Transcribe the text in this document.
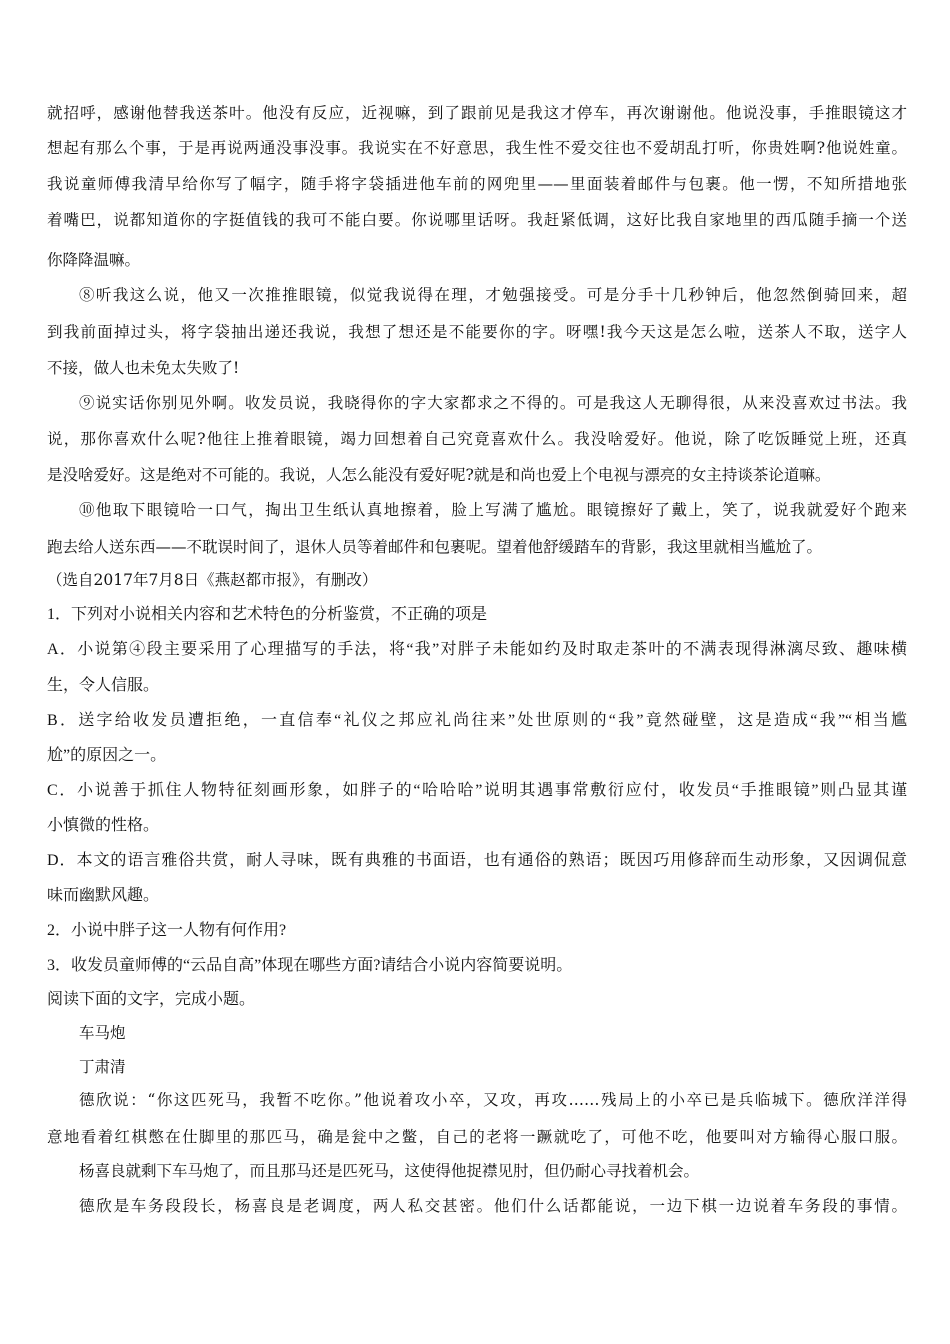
就招呼，感谢他替我送茶叶。他没有反应，近视嘛，到了跟前见是我这才停车，再次谢谢他。他说没事，手推眼镜这才
想起有那么个事，于是再说两通没事没事。我说实在不好意思，我生性不爱交往也不爱胡乱打听，你贵姓啊?他说姓童。
我说童师傅我清早给你写了幅字，随手将字袋插进他车前的网兜里——里面装着邮件与包裹。他一愣，不知所措地张
着嘴巴，说都知道你的字挺值钱的我可不能白要。你说哪里话呀。我赶紧低调，这好比我自家地里的西瓜随手摘一个送
你降降温嘛。
⑧听我这么说，他又一次推推眼镜，似觉我说得在理，才勉强接受。可是分手十几秒钟后，他忽然倒骑回来，超
到我前面掉过头，将字袋抽出递还我说，我想了想还是不能要你的字。呀嘿!我今天这是怎么啦，送茶人不取，送字人
不接，做人也未免太失败了!
⑨说实话你别见外啊。收发员说，我晓得你的字大家都求之不得的。可是我这人无聊得很，从来没喜欢过书法。我
说，那你喜欢什么呢?他往上推着眼镜，竭力回想着自己究竟喜欢什么。我没啥爱好。他说，除了吃饭睡觉上班，还真
是没啥爱好。这是绝对不可能的。我说，人怎么能没有爱好呢?就是和尚也爱上个电视与漂亮的女主持谈茶论道嘛。
⑩他取下眼镜哈一口气，掏出卫生纸认真地擦着，脸上写满了尴尬。眼镜擦好了戴上，笑了，说我就爱好个跑来
跑去给人送东西——不耽误时间了，退休人员等着邮件和包裹呢。望着他舒缓踏车的背影，我这里就相当尴尬了。
（选自2017年7月8日《燕赵都市报》，有删改）
1．下列对小说相关内容和艺术特色的分析鉴赏，不正确的项是
A．小说第④段主要采用了心理描写的手法，将“我”对胖子未能如约及时取走茶叶的不满表现得淋漓尽致、趣味横
生，令人信服。
B．送字给收发员遭拒绝，一直信奉“礼仪之邦应礼尚往来”处世原则的“我”竟然碰壁，这是造成“我”“相当尴
尬”的原因之一。
C．小说善于抓住人物特征刻画形象，如胖子的“哈哈哈”说明其遇事常敷衍应付，收发员“手推眼镜”则凸显其谨
小慎微的性格。
D．本文的语言雅俗共赏，耐人寻味，既有典雅的书面语，也有通俗的熟语；既因巧用修辞而生动形象，又因调侃意
味而幽默风趣。
2．小说中胖子这一人物有何作用?
3．收发员童师傅的“云品自高”体现在哪些方面?请结合小说内容简要说明。
阅读下面的文字，完成小题。
车马炮
丁肃清
德欣说：“你这匹死马，我暂不吃你。”他说着攻小卒，又攻，再攻……残局上的小卒已是兵临城下。德欣洋洋得
意地看着红棋憋在仕脚里的那匹马，确是瓮中之鳖，自己的老将一蹶就吃了，可他不吃，他要叫对方输得心服口服。
杨喜良就剩下车马炮了，而且那马还是匹死马，这使得他捉襟见肘，但仍耐心寻找着机会。
德欣是车务段段长，杨喜良是老调度，两人私交甚密。他们什么话都能说，一边下棋一边说着车务段的事情。
